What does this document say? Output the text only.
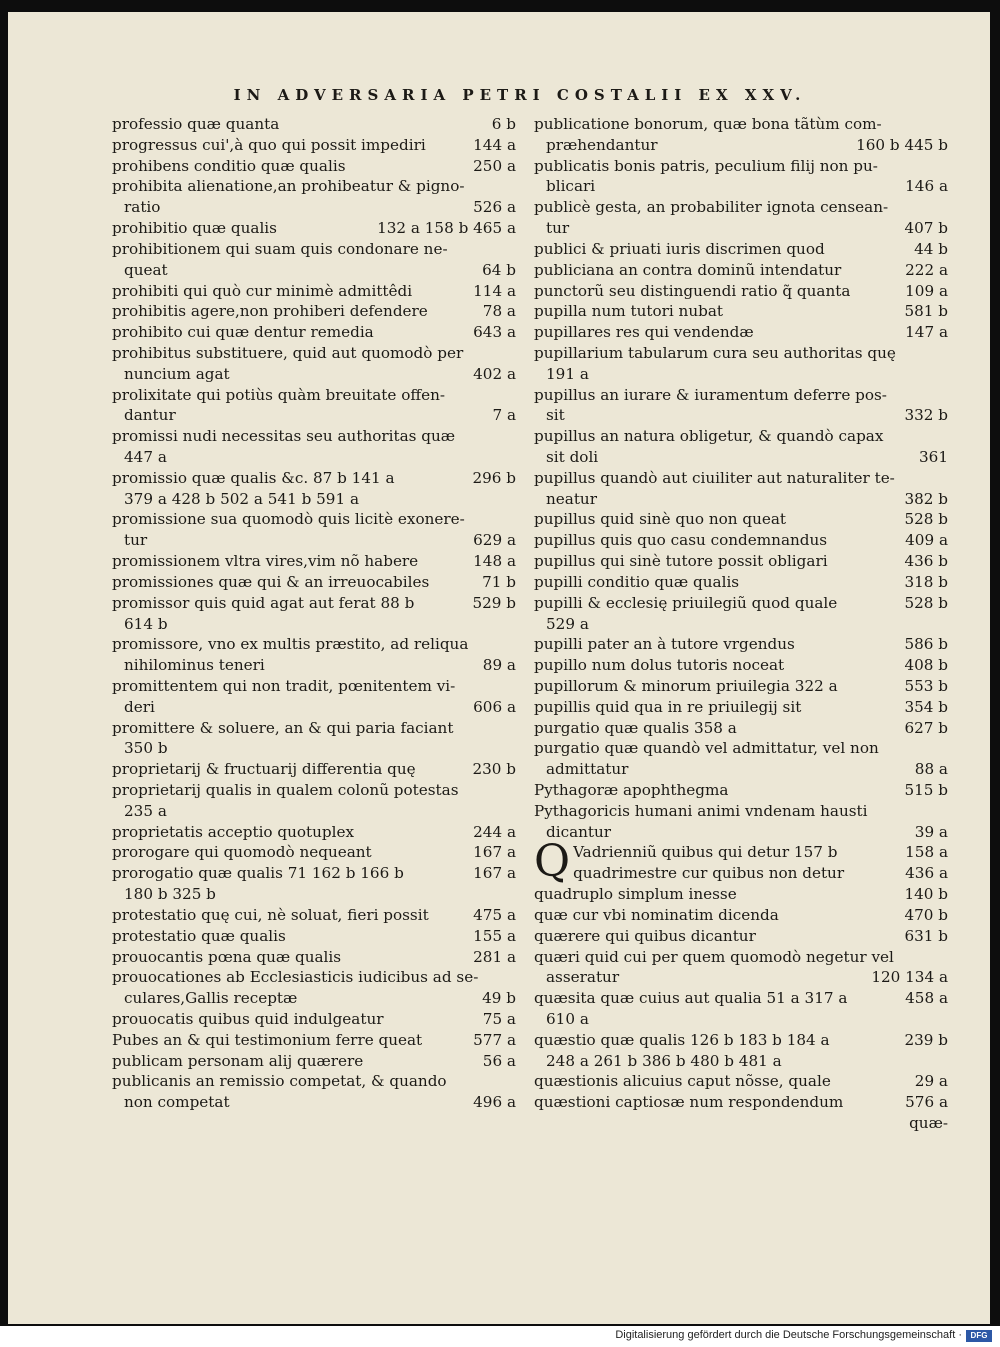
IN ADVERSARIA PETRI COSTALII EX XXV.
professio quæ quanta	6 b
progressus cui',à quo qui possit impediri	144 a
prohibens conditio quæ qualis	250 a
prohibita alienatione,an prohibeatur & pigno-
ratio	526 a
prohibitio quæ qualis	132 a 158 b 465 a
prohibitionem qui suam quis condonare ne-
queat	64 b
prohibiti qui quò cur minimè admittêdi	114 a
prohibitis agere,non prohiberi defendere	78 a
prohibito cui quæ dentur remedia	643 a
prohibitus substituere, quid aut quomodò per
nuncium agat	402 a
prolixitate qui potiùs quàm breuitate offen-
dantur	7 a
promissi nudi necessitas seu authoritas quæ
447 a
promissio quæ qualis &c. 87 b 141 a	296 b
379 a 428 b 502 a 541 b 591 a
promissione sua quomodò quis licitè exonere-
tur	629 a
promissionem vltra vires,vim nõ habere	148 a
promissiones quæ qui & an irreuocabiles	71 b
promissor quis quid agat aut ferat 88 b	529 b
614 b
promissore, vno ex multis præstito, ad reliqua
nihilominus teneri	89 a
promittentem qui non tradit, pœnitentem vi-
deri	606 a
promittere & soluere, an & qui paria faciant
350 b
proprietarij & fructuarij differentia quę	230 b
proprietarij qualis in qualem colonũ potestas
235 a
proprietatis acceptio quotuplex	244 a
prorogare qui quomodò nequeant	167 a
prorogatio quæ qualis 71 162 b 166 b	167 a
180 b 325 b
protestatio quę cui, nè soluat, fieri possit	475 a
protestatio quæ qualis	155 a
prouocantis pœna quæ qualis	281 a
prouocationes ab Ecclesiasticis iudicibus ad se-
culares,Gallis receptæ	49 b
prouocatis quibus quid indulgeatur	75 a
Pubes an & qui testimonium ferre queat	577 a
publicam personam alij quærere	56 a
publicanis an remissio competat, & quando
non competat	496 a
publicatione bonorum, quæ bona tãtùm com-
præhendantur	160 b 445 b
publicatis bonis patris, peculium filij non pu-
blicari	146 a
publicè gesta, an probabiliter ignota censean-
tur	407 b
publici & priuati iuris discrimen quod	44 b
publiciana an contra dominũ intendatur	222 a
punctorũ seu distinguendi ratio q̃ quanta	109 a
pupilla num tutori nubat	581 b
pupillares res qui vendendæ	147 a
pupillarium tabularum cura seu authoritas quę
191 a
pupillus an iurare & iuramentum deferre pos-
sit	332 b
pupillus an natura obligetur, & quandò capax
sit doli	361
pupillus quandò aut ciuiliter aut naturaliter te-
neatur	382 b
pupillus quid sinè quo non queat	528 b
pupillus quis quo casu condemnandus	409 a
pupillus qui sinè tutore possit obligari	436 b
pupilli conditio quæ qualis	318 b
pupilli & ecclesię priuilegiũ quod quale	528 b
529 a
pupilli pater an à tutore vrgendus	586 b
pupillo num dolus tutoris noceat	408 b
pupillorum & minorum priuilegia 322 a	553 b
pupillis quid qua in re priuilegij sit	354 b
purgatio quæ qualis 358 a	627 b
purgatio quæ quandò vel admittatur, vel non
admittatur	88 a
Pythagoræ apophthegma	515 b
Pythagoricis humani animi vndenam hausti
dicantur	39 a
Q Vadrienniũ quibus qui detur 157 b	158 a
quadrimestre cur quibus non detur	436 a
quadruplo simplum inesse	140 b
quæ cur vbi nominatim dicenda	470 b
quærere qui quibus dicantur	631 b
quæri quid cui per quem quomodò negetur vel
asseratur	120 134 a
quæsita quæ cuius aut qualia 51 a 317 a	458 a
610 a
quæstio quæ qualis 126 b 183 b 184 a	239 b
248 a 261 b 386 b 480 b 481 a
quæstionis alicuius caput nõsse, quale	29 a
quæstioni captiosæ num respondendum	576 a
quæ-
Digitalisierung gefördert durch die Deutsche Forschungsgemeinschaft ·	DFG
